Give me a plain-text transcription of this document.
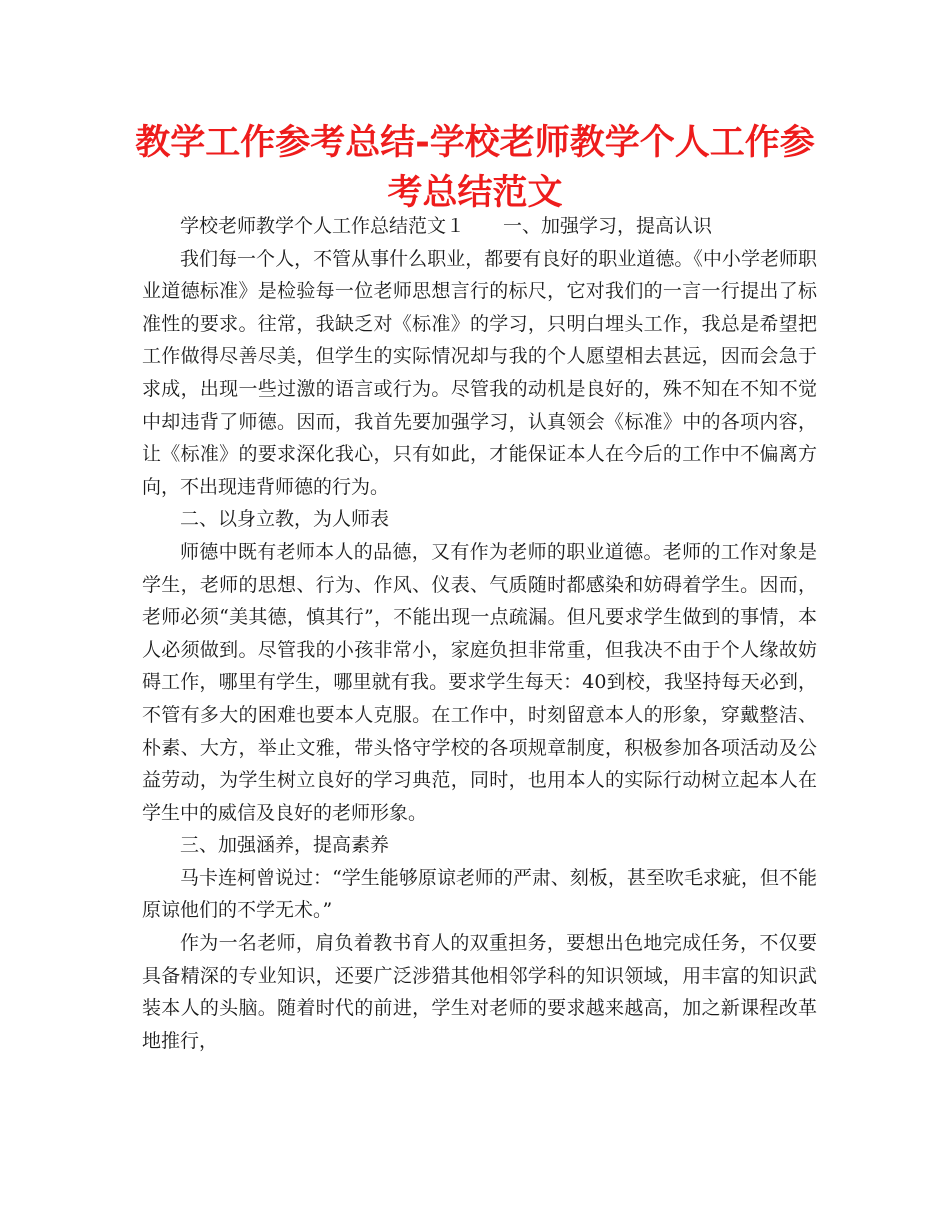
教学工作参考总结-学校老师教学个人工作参考总结范文

学校老师教学个人工作总结范文１　　一、加强学习，提高认识

我们每一个人，不管从事什么职业，都要有良好的职业道德。《中小学老师职业道德标准》是检验每一位老师思想言行的标尺，它对我们的一言一行提出了标准性的要求。往常，我缺乏对《标准》的学习，只明白埋头工作，我总是希望把工作做得尽善尽美，但学生的实际情况却与我的个人愿望相去甚远，因而会急于求成，出现一些过激的语言或行为。尽管我的动机是良好的，殊不知在不知不觉中却违背了师德。因而，我首先要加强学习，认真领会《标准》中的各项内容，让《标准》的要求深化我心，只有如此，才能保证本人在今后的工作中不偏离方向，不出现违背师德的行为。

二、以身立教，为人师表

师德中既有老师本人的品德，又有作为老师的职业道德。老师的工作对象是学生，老师的思想、行为、作风、仪表、气质随时都感染和妨碍着学生。因而，老师必须“美其德，慎其行”，不能出现一点疏漏。但凡要求学生做到的事情，本人必须做到。尽管我的小孩非常小，家庭负担非常重，但我决不由于个人缘故妨碍工作，哪里有学生，哪里就有我。要求学生每天：40到校，我坚持每天必到，不管有多大的困难也要本人克服。在工作中，时刻留意本人的形象，穿戴整洁、朴素、大方，举止文雅，带头恪守学校的各项规章制度，积极参加各项活动及公益劳动，为学生树立良好的学习典范，同时，也用本人的实际行动树立起本人在学生中的威信及良好的老师形象。

三、加强涵养，提高素养

马卡连柯曾说过：“学生能够原谅老师的严肃、刻板，甚至吹毛求疵，但不能原谅他们的不学无术。”

作为一名老师，肩负着教书育人的双重担务，要想出色地完成任务，不仅要具备精深的专业知识，还要广泛涉猎其他相邻学科的知识领域，用丰富的知识武装本人的头脑。随着时代的前进，学生对老师的要求越来越高，加之新课程改革地推行，
